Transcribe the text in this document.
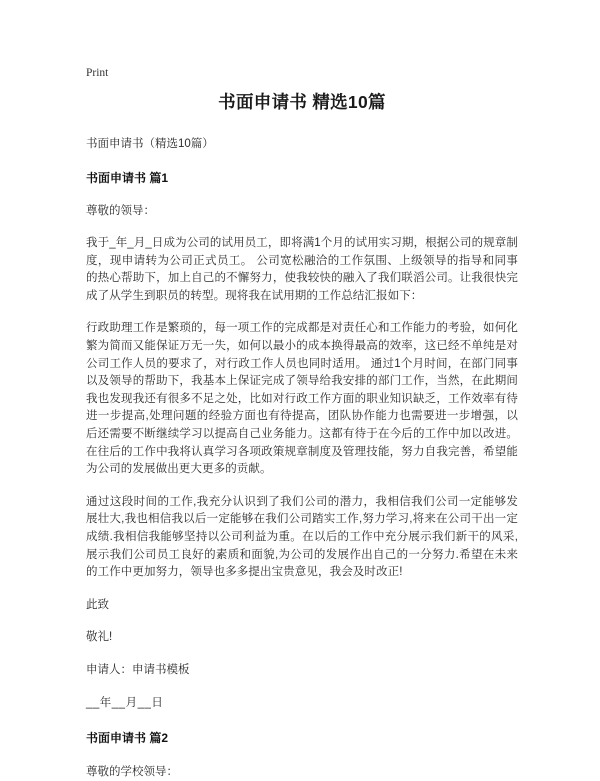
Print
书面申请书 精选10篇

书面申请书（精选10篇）

书面申请书 篇1

尊敬的领导：

我于_年_月_日成为公司的试用员工，即将满1个月的试用实习期，根据公司的规章制度，现申请转为公司正式员工。 公司宽松融洽的工作氛围、上级领导的指导和同事的热心帮助下，加上自己的不懈努力，使我较快的融入了我们联滔公司。让我很快完成了从学生到职员的转型。现将我在试用期的工作总结汇报如下：

行政助理工作是繁琐的，每一项工作的完成都是对责任心和工作能力的考验，如何化繁为简而又能保证万无一失，如何以最小的成本换得最高的效率，这已经不单纯是对公司工作人员的要求了，对行政工作人员也同时适用。 通过1个月时间，在部门同事以及领导的帮助下，我基本上保证完成了领导给我安排的部门工作，当然，在此期间我也发现我还有很多不足之处，比如对行政工作方面的职业知识缺乏，工作效率有待进一步提高,处理问题的经验方面也有待提高，团队协作能力也需要进一步增强，以后还需要不断继续学习以提高自己业务能力。这都有待于在今后的工作中加以改进。在往后的工作中我将认真学习各项政策规章制度及管理技能，努力自我完善，希望能为公司的发展做出更大更多的贡献。

通过这段时间的工作,我充分认识到了我们公司的潜力，我相信我们公司一定能够发展壮大,我也相信我以后一定能够在我们公司踏实工作,努力学习,将来在公司干出一定成绩.我相信我能够坚持以公司利益为重。在以后的工作中充分展示我们新干的风采,展示我们公司员工良好的素质和面貌,为公司的发展作出自己的一分努力.希望在未来的工作中更加努力，领导也多多提出宝贵意见，我会及时改正!

此致

敬礼!

申请人：申请书模板

__年__月__日

书面申请书 篇2

尊敬的学校领导：
